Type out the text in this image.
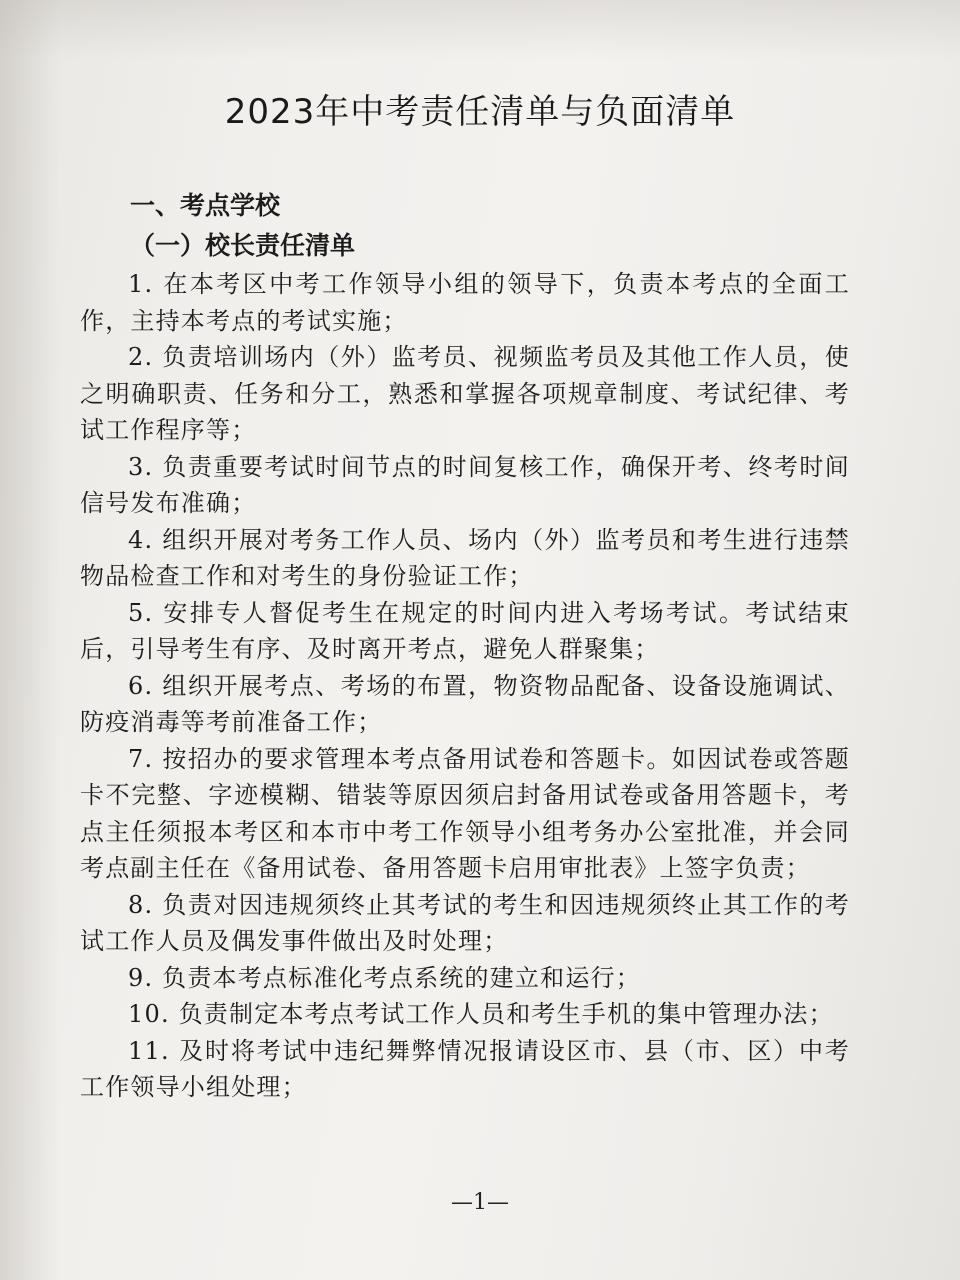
2023年中考责任清单与负面清单
一、考点学校
（一）校长责任清单

1. 在本考区中考工作领导小组的领导下，负责本考点的全面工作，主持本考点的考试实施；

2. 负责培训场内（外）监考员、视频监考员及其他工作人员，使之明确职责、任务和分工，熟悉和掌握各项规章制度、考试纪律、考试工作程序等；

3. 负责重要考试时间节点的时间复核工作，确保开考、终考时间信号发布准确；

4. 组织开展对考务工作人员、场内（外）监考员和考生进行违禁物品检查工作和对考生的身份验证工作；

5. 安排专人督促考生在规定的时间内进入考场考试。考试结束后，引导考生有序、及时离开考点，避免人群聚集；

6. 组织开展考点、考场的布置，物资物品配备、设备设施调试、防疫消毒等考前准备工作；

7. 按招办的要求管理本考点备用试卷和答题卡。如因试卷或答题卡不完整、字迹模糊、错装等原因须启封备用试卷或备用答题卡，考点主任须报本考区和本市中考工作领导小组考务办公室批准，并会同考点副主任在《备用试卷、备用答题卡启用审批表》上签字负责；

8. 负责对因违规须终止其考试的考生和因违规须终止其工作的考试工作人员及偶发事件做出及时处理；

9. 负责本考点标准化考点系统的建立和运行；

10. 负责制定本考点考试工作人员和考生手机的集中管理办法；

11. 及时将考试中违纪舞弊情况报请设区市、县（市、区）中考工作领导小组处理；

—1—
